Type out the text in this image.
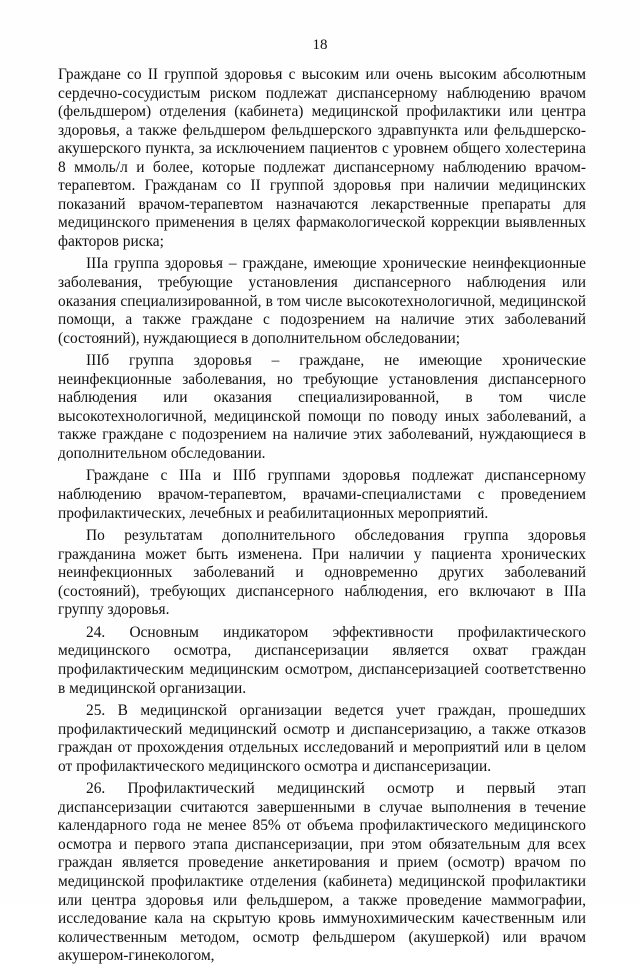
18

Граждане со II группой здоровья с высоким или очень высоким абсолютным сердечно-сосудистым риском подлежат диспансерному наблюдению врачом (фельдшером) отделения (кабинета) медицинской профилактики или центра здоровья, а также фельдшером фельдшерского здравпункта или фельдшерско-акушерского пункта, за исключением пациентов с уровнем общего холестерина 8 ммоль/л и более, которые подлежат диспансерному наблюдению врачом-терапевтом. Гражданам со II группой здоровья при наличии медицинских показаний врачом-терапевтом назначаются лекарственные препараты для медицинского применения в целях фармакологической коррекции выявленных факторов риска;

IIIа группа здоровья – граждане, имеющие хронические неинфекционные заболевания, требующие установления диспансерного наблюдения или оказания специализированной, в том числе высокотехнологичной, медицинской помощи, а также граждане с подозрением на наличие этих заболеваний (состояний), нуждающиеся в дополнительном обследовании;

IIIб группа здоровья – граждане, не имеющие хронические неинфекционные заболевания, но требующие установления диспансерного наблюдения или оказания специализированной, в том числе высокотехнологичной, медицинской помощи по поводу иных заболеваний, а также граждане с подозрением на наличие этих заболеваний, нуждающиеся в дополнительном обследовании.

Граждане с IIIа и IIIб группами здоровья подлежат диспансерному наблюдению врачом-терапевтом, врачами-специалистами с проведением профилактических, лечебных и реабилитационных мероприятий.

По результатам дополнительного обследования группа здоровья гражданина может быть изменена. При наличии у пациента хронических неинфекционных заболеваний и одновременно других заболеваний (состояний), требующих диспансерного наблюдения, его включают в IIIа группу здоровья.

24. Основным индикатором эффективности профилактического медицинского осмотра, диспансеризации является охват граждан профилактическим медицинским осмотром, диспансеризацией соответственно в медицинской организации.

25. В медицинской организации ведется учет граждан, прошедших профилактический медицинский осмотр и диспансеризацию, а также отказов граждан от прохождения отдельных исследований и мероприятий или в целом от профилактического медицинского осмотра и диспансеризации.

26. Профилактический медицинский осмотр и первый этап диспансеризации считаются завершенными в случае выполнения в течение календарного года не менее 85% от объема профилактического медицинского осмотра и первого этапа диспансеризации, при этом обязательным для всех граждан является проведение анкетирования и прием (осмотр) врачом по медицинской профилактике отделения (кабинета) медицинской профилактики или центра здоровья или фельдшером, а также проведение маммографии, исследование кала на скрытую кровь иммунохимическим качественным или количественным методом, осмотр фельдшером (акушеркой) или врачом акушером-гинекологом,
